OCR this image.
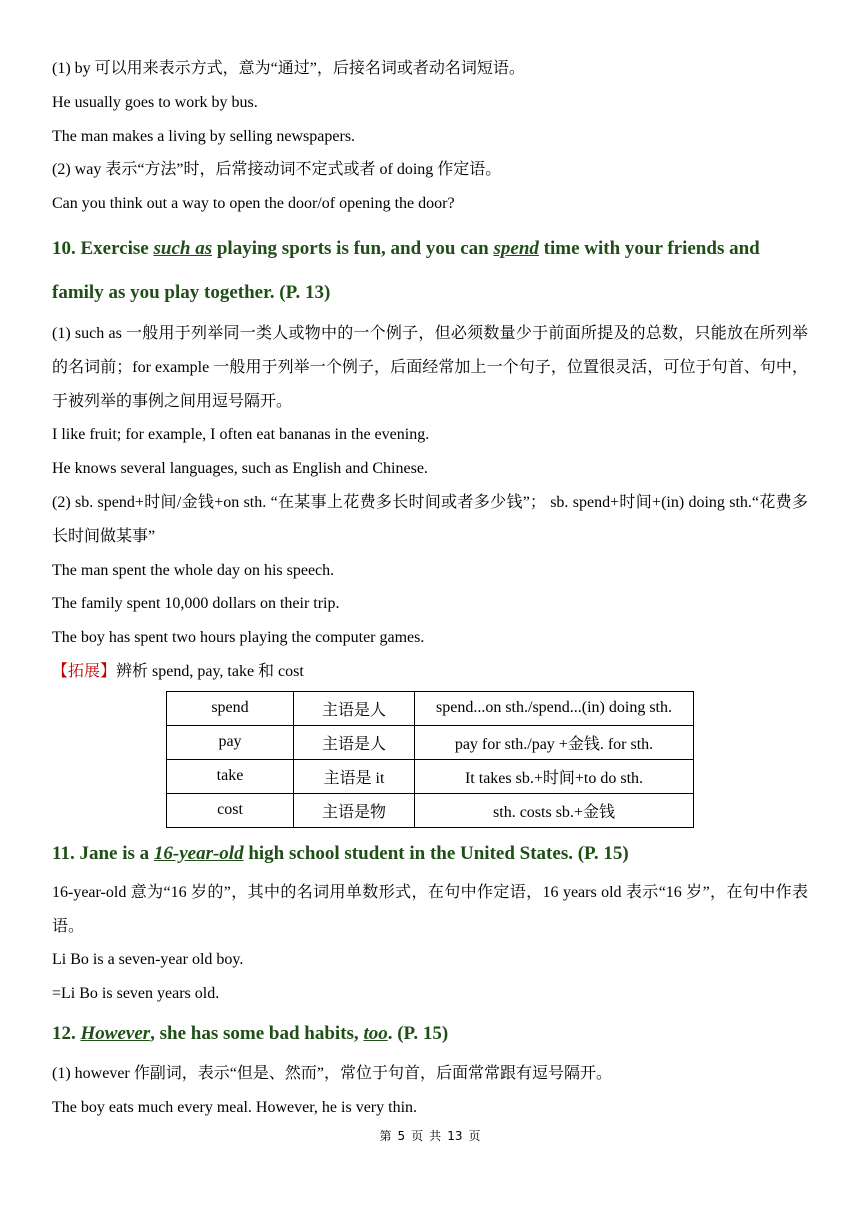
(1) by 可以用来表示方式，意为“通过”，后接名词或者动名词短语。

He usually goes to work by bus.

The man makes a living by selling newspapers.

(2) way 表示“方法”时，后常接动词不定式或者 of doing 作定语。

Can you think out a way to open the door/of opening the door?

10. Exercise such as playing sports is fun, and you can spend time with your friends and

family as you play together. (P. 13)

(1) such as 一般用于列举同一类人或物中的一个例子，但必须数量少于前面所提及的总数，只能放在所列举的名词前；for example 一般用于列举一个例子，后面经常加上一个句子，位置很灵活，可位于句首、句中，于被列举的事例之间用逗号隔开。

I like fruit; for example, I often eat bananas in the evening.

He knows several languages, such as English and Chinese.

(2) sb. spend+时间/金钱+on sth. “在某事上花费多长时间或者多少钱”； sb. spend+时间+(in) doing sth.“花费多长时间做某事”

The man spent the whole day on his speech.

The family spent 10,000 dollars on their trip.

The boy has spent two hours playing the computer games.

【拓展】辨析 spend, pay, take 和 cost

spend	主语是人	spend...on sth./spend...(in) doing sth.
pay	主语是人	pay for sth./pay +金钱. for sth.
take	主语是 it	It takes sb.+时间+to do sth.
cost	主语是物	sth. costs sb.+金钱

11. Jane is a 16-year-old high school student in the United States. (P. 15)

16-year-old 意为“16 岁的”，其中的名词用单数形式，在句中作定语，16 years old 表示“16 岁”，在句中作表语。

Li Bo is a seven-year old boy.

=Li Bo is seven years old.

12. However, she has some bad habits, too. (P. 15)

(1) however 作副词，表示“但是、然而”，常位于句首，后面常常跟有逗号隔开。

The boy eats much every meal. However, he is very thin.

第 5 页 共 13 页
